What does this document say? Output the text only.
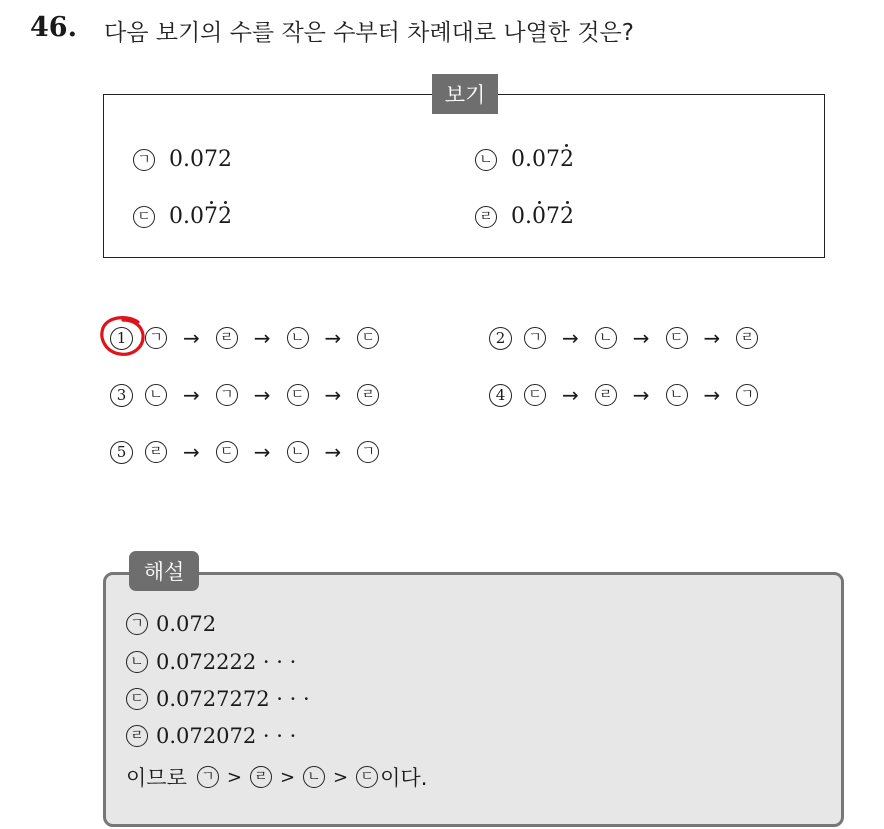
46. 다음 보기의 수를 작은 수부터 차례대로 나열한 것은?
보기
ㄱ 0.072	ㄴ 0.072
ㄷ 0.072	ㄹ 0.072
1	ㄱ →	ㄹ →	ㄴ →	ㄷ	2	ㄱ →	ㄴ →	ㄷ →	ㄹ
3	ㄴ →	ㄱ →	ㄷ →	ㄹ	4	ㄷ →	ㄹ →	ㄴ →	ㄱ
5	ㄹ →	ㄷ →	ㄴ →	ㄱ
해설
ㄱ 0.072
ㄴ 0.072222 · · ·
ㄷ 0.0727272 · · ·
ㄹ 0.072072 · · ·
이므로	ㄱ > ㄹ > ㄴ > ㄷ 이다.
